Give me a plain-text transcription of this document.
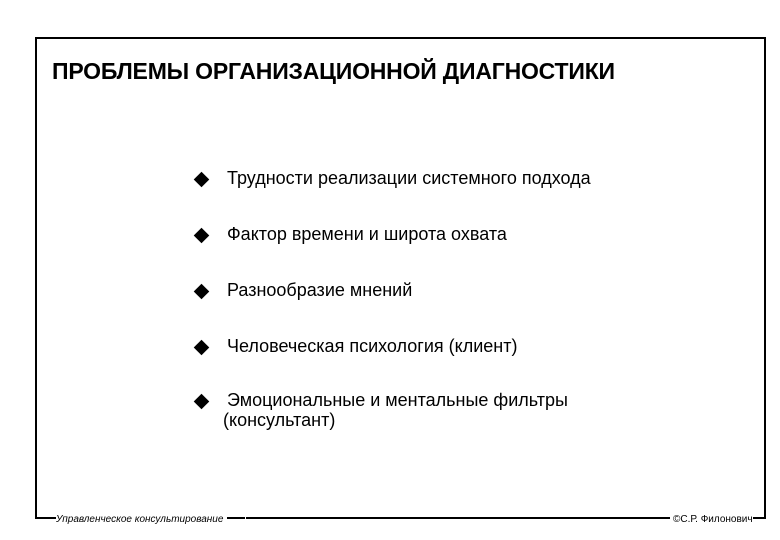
ПРОБЛЕМЫ ОРГАНИЗАЦИОННОЙ ДИАГНОСТИКИ
Трудности реализации системного подхода
Фактор времени и широта охвата
Разнообразие мнений
Человеческая психология (клиент)
Эмоциональные и ментальные фильтры
(консультант)
Управленческое консультирование	©С.Р. Филонович
